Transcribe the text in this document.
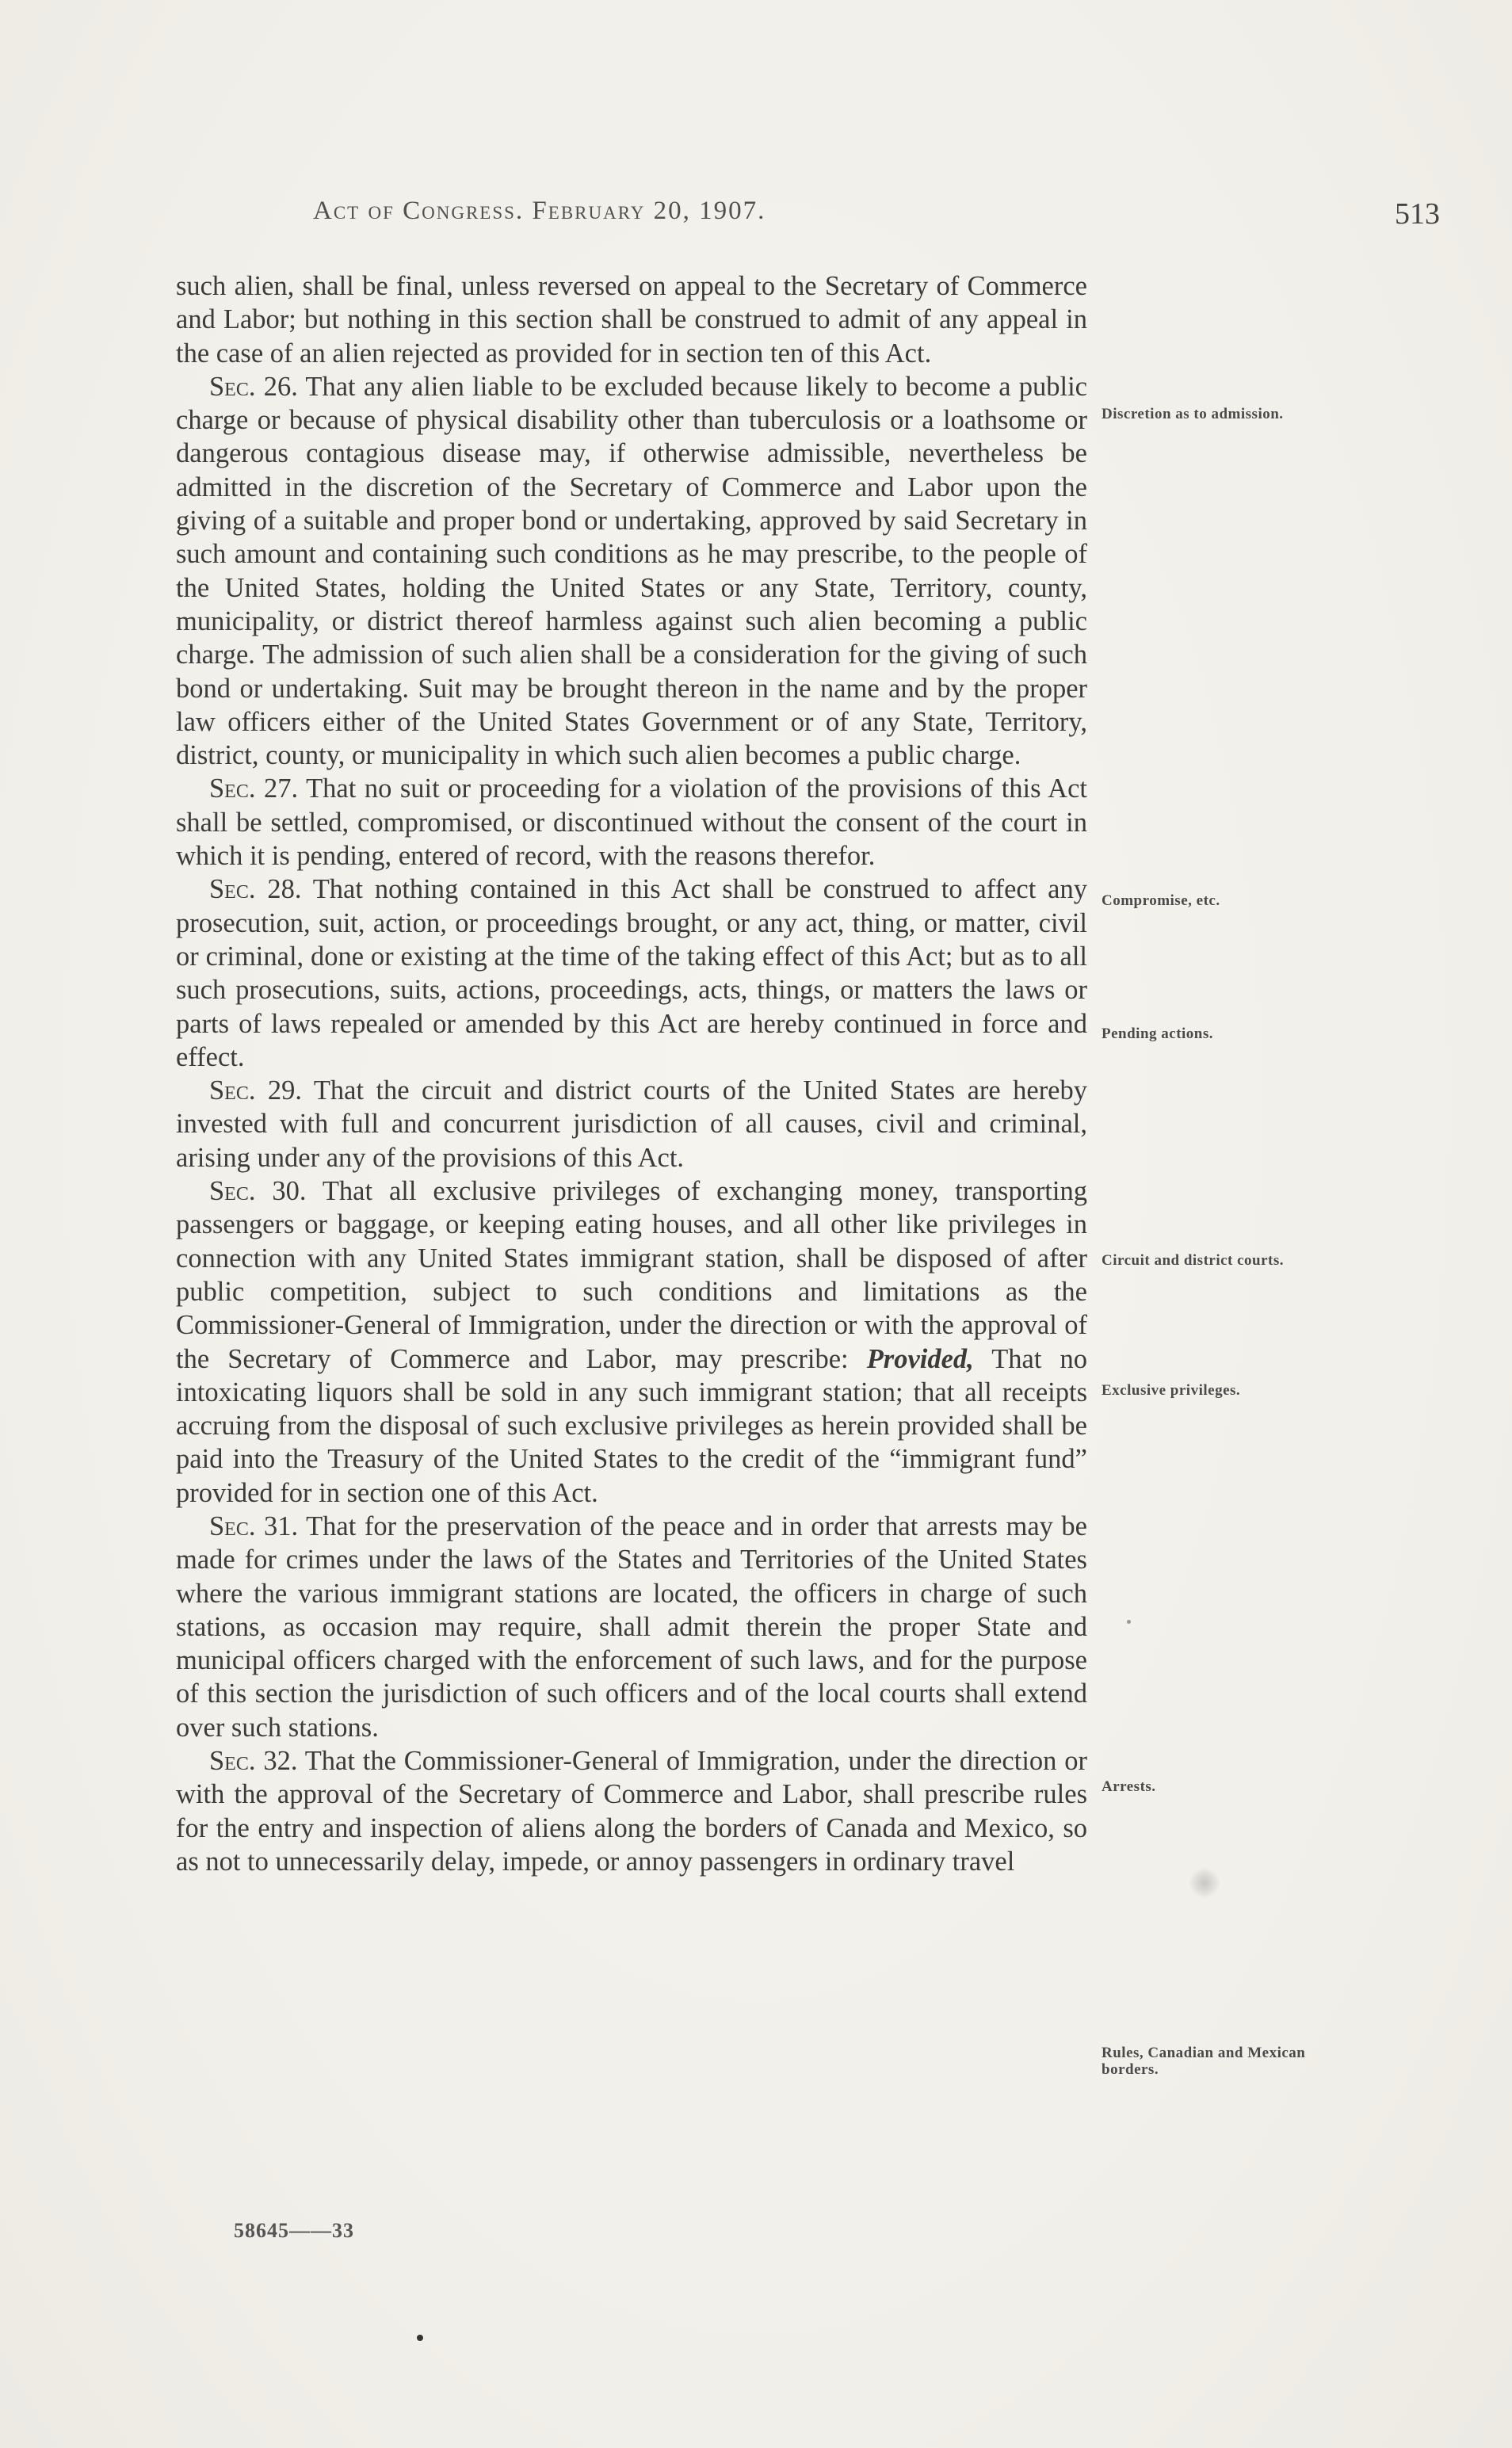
Act of Congress. February 20, 1907.	513

such alien, shall be final, unless reversed on appeal to the Secretary of Commerce and Labor; but nothing in this section shall be construed to admit of any appeal in the case of an alien rejected as provided for in section ten of this Act.

Sec. 26. That any alien liable to be excluded because likely to become a public charge or because of physical disability other than tuberculosis or a loathsome or dangerous contagious disease may, if otherwise admissible, nevertheless be admitted in the discretion of the Secretary of Commerce and Labor upon the giving of a suitable and proper bond or undertaking, approved by said Secretary in such amount and containing such conditions as he may prescribe, to the people of the United States, holding the United States or any State, Territory, county, municipality, or district thereof harmless against such alien becoming a public charge. The admission of such alien shall be a consideration for the giving of such bond or undertaking. Suit may be brought thereon in the name and by the proper law officers either of the United States Government or of any State, Territory, district, county, or municipality in which such alien becomes a public charge.

Sec. 27. That no suit or proceeding for a violation of the provisions of this Act shall be settled, compromised, or discontinued without the consent of the court in which it is pending, entered of record, with the reasons therefor.

Sec. 28. That nothing contained in this Act shall be construed to affect any prosecution, suit, action, or proceedings brought, or any act, thing, or matter, civil or criminal, done or existing at the time of the taking effect of this Act; but as to all such prosecutions, suits, actions, proceedings, acts, things, or matters the laws or parts of laws repealed or amended by this Act are hereby continued in force and effect.

Sec. 29. That the circuit and district courts of the United States are hereby invested with full and concurrent jurisdiction of all causes, civil and criminal, arising under any of the provisions of this Act.

Sec. 30. That all exclusive privileges of exchanging money, transporting passengers or baggage, or keeping eating houses, and all other like privileges in connection with any United States immigrant station, shall be disposed of after public competition, subject to such conditions and limitations as the Commissioner-General of Immigration, under the direction or with the approval of the Secretary of Commerce and Labor, may prescribe: Provided, That no intoxicating liquors shall be sold in any such immigrant station; that all receipts accruing from the disposal of such exclusive privileges as herein provided shall be paid into the Treasury of the United States to the credit of the “immigrant fund” provided for in section one of this Act.

Sec. 31. That for the preservation of the peace and in order that arrests may be made for crimes under the laws of the States and Territories of the United States where the various immigrant stations are located, the officers in charge of such stations, as occasion may require, shall admit therein the proper State and municipal officers charged with the enforcement of such laws, and for the purpose of this section the jurisdiction of such officers and of the local courts shall extend over such stations.

Sec. 32. That the Commissioner-General of Immigration, under the direction or with the approval of the Secretary of Commerce and Labor, shall prescribe rules for the entry and inspection of aliens along the borders of Canada and Mexico, so as not to unnecessarily delay, impede, or annoy passengers in ordinary travel

Discretion as to admission.
Compromise, etc.
Pending actions.
Circuit and district courts.
Exclusive privileges.
Arrests.
Rules, Canadian and Mexican borders.
58645——33
